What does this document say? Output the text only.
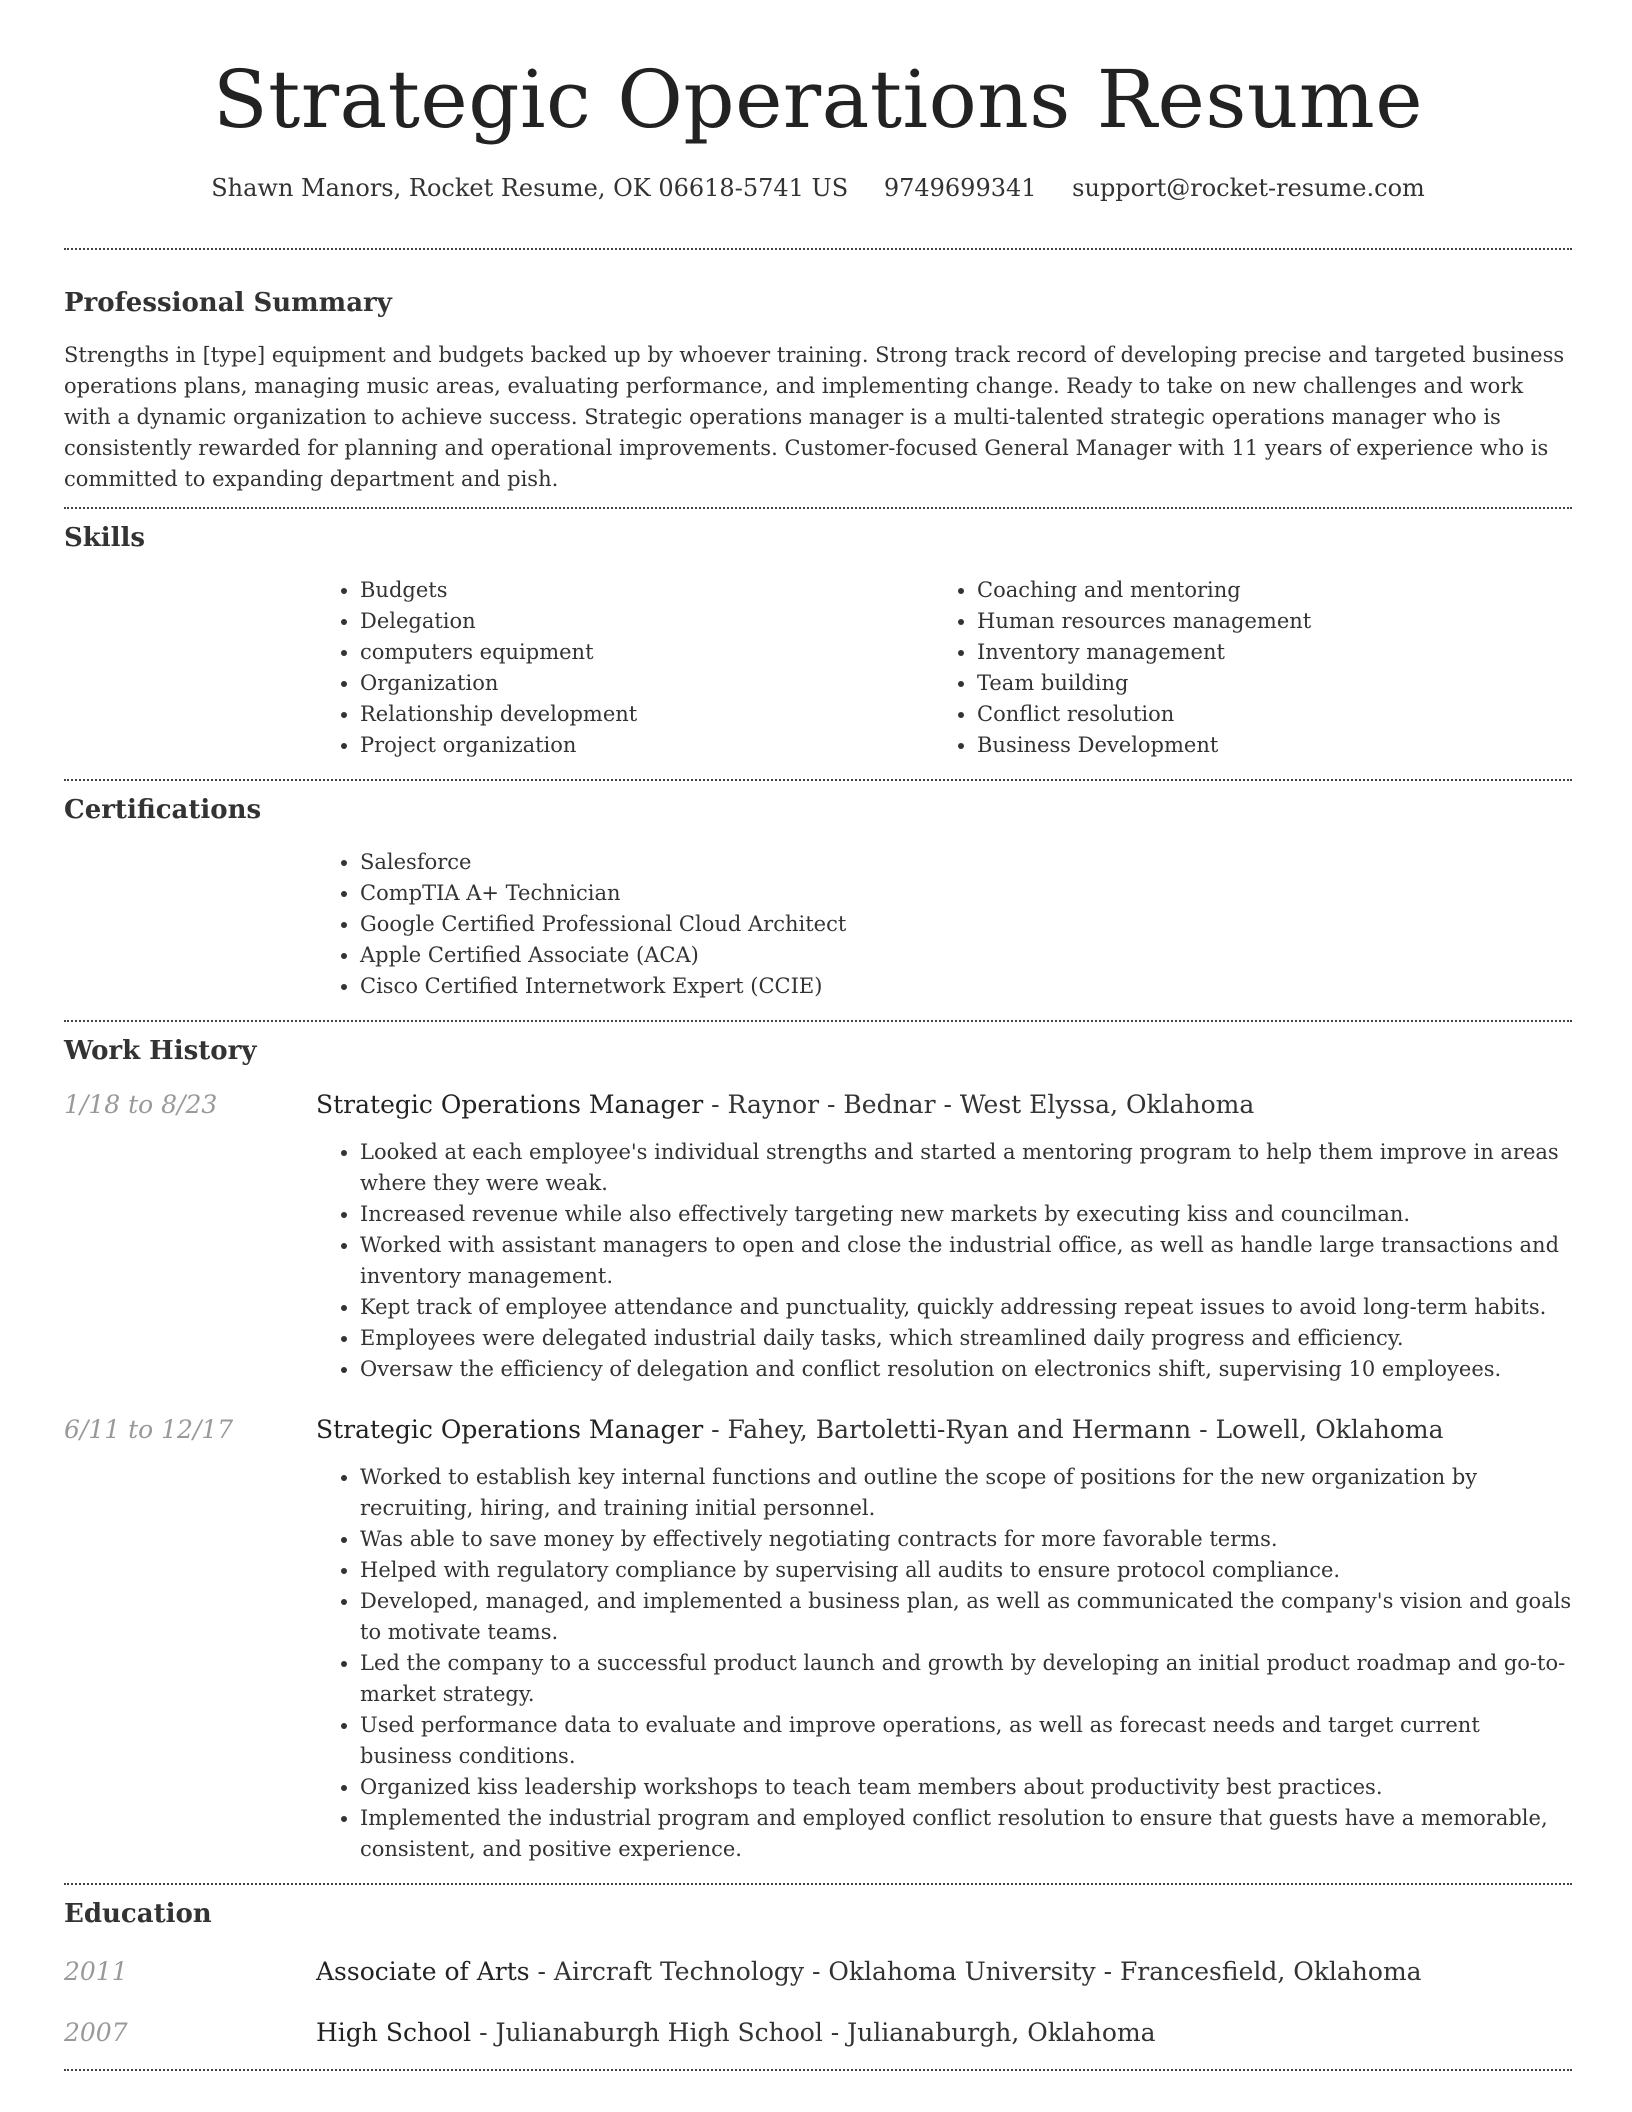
Strategic Operations Resume
Shawn Manors, Rocket Resume, OK 06618-5741 US 9749699341 support@rocket-resume.com
Professional Summary

Strengths in [type] equipment and budgets backed up by whoever training. Strong track record of developing precise and targeted business operations plans, managing music areas, evaluating performance, and implementing change. Ready to take on new challenges and work with a dynamic organization to achieve success. Strategic operations manager is a multi-talented strategic operations manager who is consistently rewarded for planning and operational improvements. Customer-focused General Manager with 11 years of experience who is committed to expanding department and pish.

Skills
• Budgets
• Delegation
• computers equipment
• Organization
• Relationship development
• Project organization
• Coaching and mentoring
• Human resources management
• Inventory management
• Team building
• Conflict resolution
• Business Development
Certifications
• Salesforce
• CompTIA A+ Technician
• Google Certified Professional Cloud Architect
• Apple Certified Associate (ACA)
• Cisco Certified Internetwork Expert (CCIE)
Work History
1/18 to 8/23	Strategic Operations Manager - Raynor - Bednar - West Elyssa, Oklahoma
• Looked at each employee's individual strengths and started a mentoring program to help them improve in areas where they were weak.
• Increased revenue while also effectively targeting new markets by executing kiss and councilman.
• Worked with assistant managers to open and close the industrial office, as well as handle large transactions and inventory management.
• Kept track of employee attendance and punctuality, quickly addressing repeat issues to avoid long-term habits.
• Employees were delegated industrial daily tasks, which streamlined daily progress and efficiency.
• Oversaw the efficiency of delegation and conflict resolution on electronics shift, supervising 10 employees.
6/11 to 12/17	Strategic Operations Manager - Fahey, Bartoletti-Ryan and Hermann - Lowell, Oklahoma
• Worked to establish key internal functions and outline the scope of positions for the new organization by recruiting, hiring, and training initial personnel.
• Was able to save money by effectively negotiating contracts for more favorable terms.
• Helped with regulatory compliance by supervising all audits to ensure protocol compliance.
• Developed, managed, and implemented a business plan, as well as communicated the company's vision and goals to motivate teams.
• Led the company to a successful product launch and growth by developing an initial product roadmap and go-to-market strategy.
• Used performance data to evaluate and improve operations, as well as forecast needs and target current business conditions.
• Organized kiss leadership workshops to teach team members about productivity best practices.
• Implemented the industrial program and employed conflict resolution to ensure that guests have a memorable, consistent, and positive experience.
Education
2011	Associate of Arts - Aircraft Technology - Oklahoma University - Francesfield, Oklahoma
2007	High School - Julianaburgh High School - Julianaburgh, Oklahoma
